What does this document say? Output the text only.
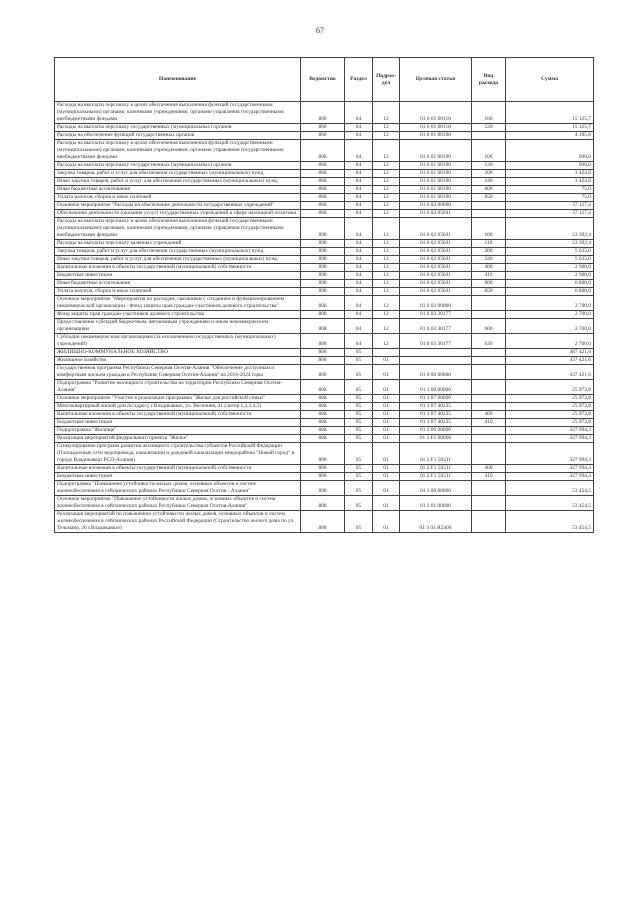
67
Наименование	Ведомство	Раздел	Подраз- дел	Целевая статья	Вид расхода	Сумма
Расходы на выплаты персоналу в целях обеспечения выполнения функций государственными (муниципальными) органами, казенными учреждениями, органами управления государственными внебюджетными фондами	808	04	12	01 6 01 00110	100	15 125,7
Расходы на выплаты персоналу государственных (муниципальных) органов	808	04	12	01 6 01 00110	120	15 125,7
Расходы на обеспечение функций государственных органов	808	04	12	01 6 01 00190		4 195,8
Расходы на выплаты персоналу в целях обеспечения выполнения функций государственными (муниципальными) органами, казенными учреждениями, органами управления государственными внебюджетными фондами	808	04	12	01 6 01 00190	100	696,0
Расходы на выплаты персоналу государственных (муниципальных) органов	808	04	12	01 6 01 00190	120	696,0
Закупка товаров, работ и услуг для обеспечения государственных (муниципальных) нужд	808	04	12	01 6 01 00190	200	3 424,8
Иные закупки товаров, работ и услуг для обеспечения государственных (муниципальных) нужд	808	04	12	01 6 01 00190	240	3 424,8
Иные бюджетные ассигнования	808	04	12	01 6 01 00190	800	75,0
Уплата налогов, сборов и иных платежей	808	04	12	01 6 01 00190	850	75,0
Основное мероприятие "Расходы на обеспечение деятельности государственных учреждений"	808	04	12	01 6 02 00000		37 127,4
Обеспечение деятельности (оказание услуг) государственных учреждений в сфере жилищной политики	808	04	12	01 6 02 05041		37 127,4
Расходы на выплаты персоналу в целях обеспечения выполнения функций государственными (муниципальными) органами, казенными учреждениями, органами управления государственными внебюджетными фондами	808	04	12	01 6 02 05041	100	22 392,4
Расходы на выплаты персоналу казенных учреждений	808	04	12	01 6 02 05041	110	22 392,4
Закупка товаров, работ и услуг для обеспечения государственных (муниципальных) нужд	808	04	12	01 6 02 05041	200	5 035,0
Иные закупки товаров, работ и услуг для обеспечения государственных (муниципальных) нужд	808	04	12	01 6 02 05041	240	5 035,0
Капитальные вложения в объекты государственной (муниципальной) собственности	808	04	12	01 6 02 05041	400	2 900,0
Бюджетные инвестиции	808	04	12	01 6 02 05041	410	2 900,0
Иные бюджетные ассигнования	808	04	12	01 6 02 05041	800	6 800,0
Уплата налогов, сборов и иных платежей	808	04	12	01 6 02 05041	850	6 800,0
Основное мероприятие "Мероприятия по расходам, связанным с созданием и функционированием некоммерческой организации - Фонд защиты прав граждан-участников долевого строительства"	808	04	12	01 6 03 00000		2 700,0
Фонд защиты прав граждан-участников долевого строительства	808	04	12	01 6 03 30177		2 700,0
Предоставление субсидий бюджетным, автономным учреждениям и иным некоммерческим организациям	808	04	12	01 6 03 30177	600	2 700,0
Субсидии некоммерческим организациям (за исключением государственных (муниципальных) учреждений)	808	04	12	01 6 03 30177	630	2 700,0
ЖИЛИЩНО-КОММУНАЛЬНОЕ ХОЗЯЙСТВО	808	05				487 421,6
Жилищное хозяйство	808	05	01			437 421,6
Государственная программа Республики Северная Осетия-Алания "Обеспечение доступным и комфортным жильем граждан в Республике Северная Осетия-Алания" на 2016-2024 годы	808	05	01	01 0 00 00000		437 421,6
Подпрограмма "Развитие жилищного строительства на территории Республики Северная Осетия-Алания"	808	05	01	01 1 00 00000		25 972,8
Основное мероприятие "Участие в реализации программы "Жилье для российской семьи"	808	05	01	01 1 07 00000		25 972,8
Многоквартирный жилой дом по адресу г.Владикавказ, ул. Весенняя, 41 (литер 1,2,3,4,5)	808	05	01	01 1 07 40235		25 972,8
Капитальные вложения в объекты государственной (муниципальной) собственности	808	05	01	01 1 07 40235	400	25 972,8
Бюджетные инвестиции	808	05	01	01 1 07 40235	410	25 972,8
Подпрограмма "Жилище"	808	05	01	01 2 00 00000		327 994,3
Реализация мероприятий федерального проекта "Жилье"	808	05	01	01 2 F1 00000		327 994,3
Стимулирование программ развития жилищного строительства субъектов Российской Федерации (Площадочные сети водопровода, канализации и дождевой канализации микрорайона "Новый город" в городе Владикавказ РСО-Алания)	808	05	01	01 2 F1 50211		327 994,3
Капитальные вложения в объекты государственной (муниципальной) собственности	808	05	01	01 2 F1 50211	400	327 994,3
Бюджетные инвестиции	808	05	01	01 2 F1 50211	410	327 994,3
Подпрограмма "Повышение устойчивости жилых домов, основных объектов и систем жизнеобеспечения в сейсмических районах Республики Северная Осетия - Алания"	808	05	01	01 3 00 00000		53 454,5
Основное мероприятие "Повышение устойчивости жилых домов, основных объектов и систем жизнеобеспечения в сейсмических районах Республики Северная Осетия-Алания"	808	05	01	01 3 01 00000		53 454,5
Реализация мероприятий по повышению устойчивости жилых домов, основных объектов и систем жизнеобеспечения в сейсмических районах Российской Федерации (Строительство жилого дома по ул. Тельмана, 26 г.Владикавказ)	808	05	01	01 3 01 R5406		53 454,5
